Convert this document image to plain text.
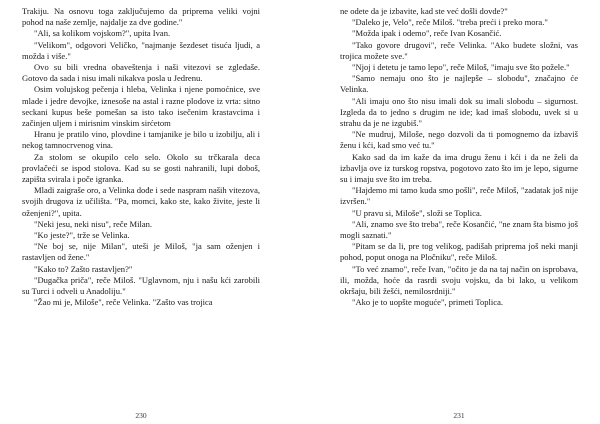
Trakiju. Na osnovu toga zaključujemo da priprema veliki vojni pohod na naše zemlje, najdalje za dve godine."

"Ali, sa kolikom vojskom?", upita Ivan.

"Velikom", odgovori Veličko, "najmanje šezdeset tisuća ljudi, a možda i više."

Ovo su bili vredna obaveštenja i naši vitezovi se zgledaše. Gotovo da sada i nisu imali nikakva posla u Jedrenu.

Osim volujskog pečenja i hleba, Velinka i njene pomoćnice, sve mlade i jedre devojke, iznesoše na astal i razne plodove iz vrta: sitno seckani kupus beše pomešan sa isto tako isečenim krastavcima i začinjen uljem i mirisnim vinskim sirćetom

Hranu je pratilo vino, plovdine i tamjanike je bilo u izobilju, ali i nekog tamnocrvenog vina.

Za stolom se okupilo celo selo. Okolo su trčkarala deca provlačeći se ispod stolova. Kad su se gosti nahranili, lupi doboš, zapišta svirala i poče igranka.

Mladi zaigraše oro, a Velinka dođe i sede naspram naših vitezova, svojih drugova iz učilišta. "Pa, momci, kako ste, kako živite, jeste li oženjeni?", upita.

"Neki jesu, neki nisu", reče Milan.

"Ko jeste?", trže se Velinka.

"Ne boj se, nije Milan", uteši je Miloš, "ja sam oženjen i rastavljen od žene."

"Kako to? Zašto rastavljen?"

"Dugačka priča", reče Miloš. "Uglavnom, nju i našu kći zarobili su Turci i odveli u Anadoliju."

"Žao mi je, Miloše", reče Velinka. "Zašto vas trojica

230

ne odete da je izbavite, kad ste već došli dovde?"

"Daleko je, Velo", reče Miloš. "treba preći i preko mora."

"Možda ipak i odemo", reče Ivan Kosančić.

"Tako govore drugovi", reče Velinka. "Ako budete složni, vas trojica možete sve."

"Njoj i detetu je tamo lepo", reče Miloš, "imaju sve što požele."

"Samo nemaju ono što je najlepše – slobodu", značajno će Velinka.

"Ali imaju ono što nisu imali dok su imali slobodu – sigurnost. Izgleda da to jedno s drugim ne ide; kad imaš slobodu, uvek si u strahu da je ne izgubiš."

"Ne mudruj, Miloše, nego dozvoli da ti pomognemo da izbaviš ženu i kći, kad smo već tu."

Kako sad da im kaže da ima drugu ženu i kći i da ne želi da izbavlja ove iz turskog ropstva, pogotovo zato što im je lepo, sigurne su i imaju sve što im treba.

"Hajdemo mi tamo kuda smo pošli", reče Miloš, "zadatak još nije izvršen."

"U pravu si, Miloše", složi se Toplica.

"Ali, znamo sve što treba", reče Kosančić, "ne znam šta bismo još mogli saznati."

"Pitam se da li, pre tog velikog, padišah priprema još neki manji pohod, poput onoga na Pločniku", reče Miloš.

"To već znamo", reče Ivan, "očito je da na taj način on isprobava, ili, možda, hoće da rasrdi svoju vojsku, da bi lako, u velikom okršaju, bili žešći, nemilosrdniji."

"Ako je to uopšte moguće", primeti Toplica.

231
